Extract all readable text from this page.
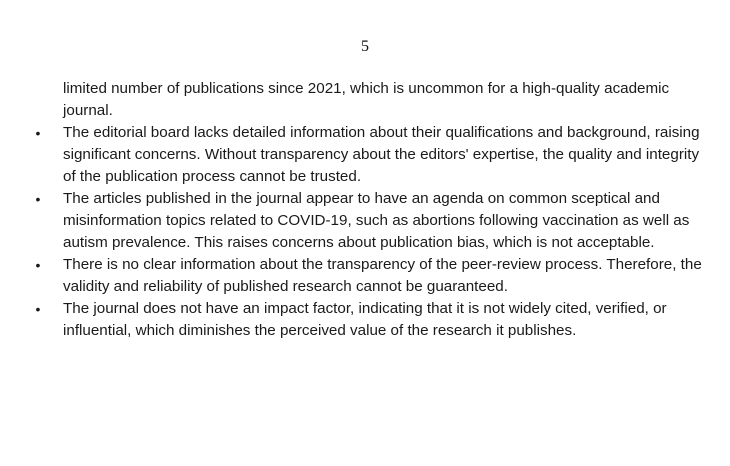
5

limited number of publications since 2021, which is uncommon for a high-quality academic journal.

• The editorial board lacks detailed information about their qualifications and background, raising significant concerns. Without transparency about the editors' expertise, the quality and integrity of the publication process cannot be trusted.
• The articles published in the journal appear to have an agenda on common sceptical and misinformation topics related to COVID-19, such as abortions following vaccination as well as autism prevalence. This raises concerns about publication bias, which is not acceptable.
• There is no clear information about the transparency of the peer-review process. Therefore, the validity and reliability of published research cannot be guaranteed.
• The journal does not have an impact factor, indicating that it is not widely cited, verified, or influential, which diminishes the perceived value of the research it publishes.
